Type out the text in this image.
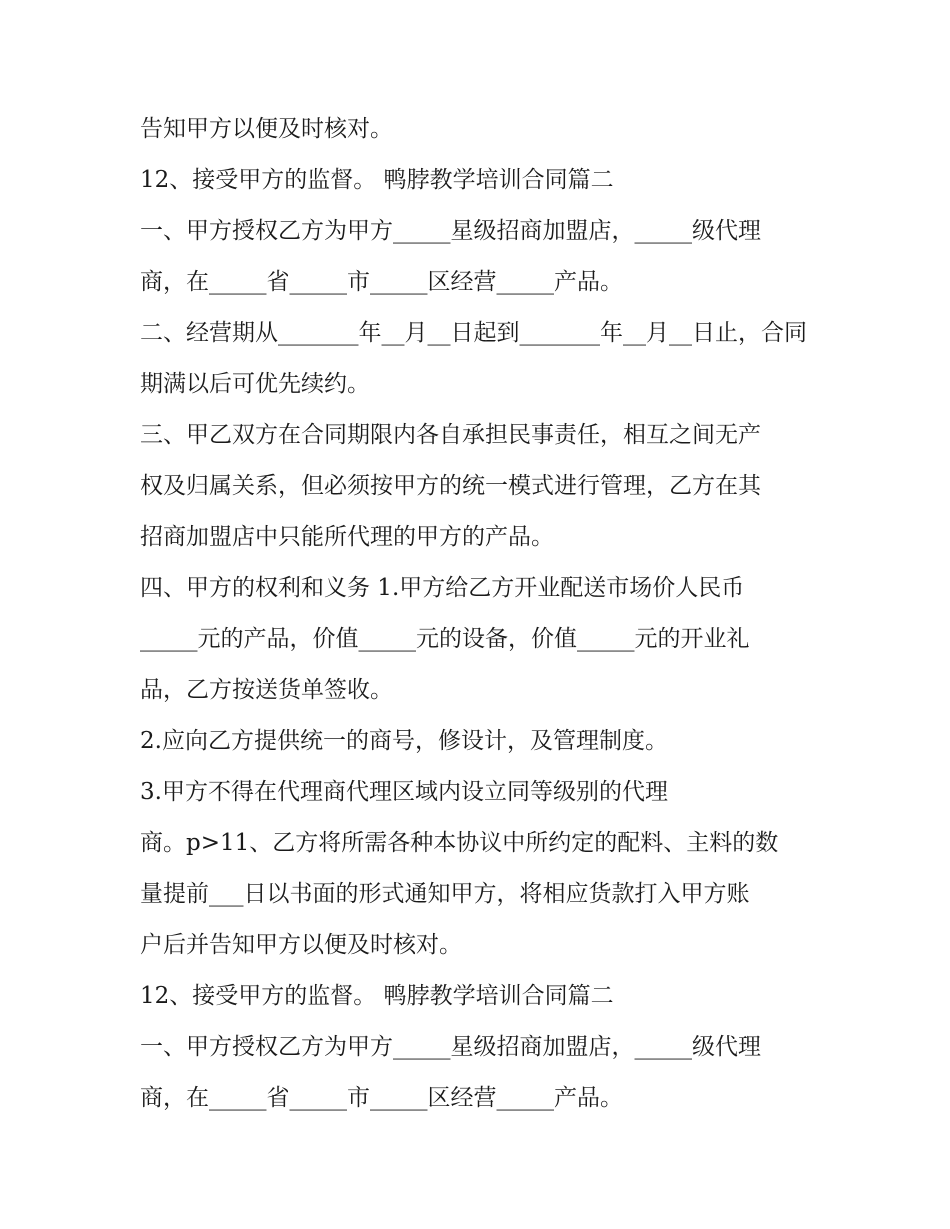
告知甲方以便及时核对。
12、接受甲方的监督。 鸭脖教学培训合同篇二
一、甲方授权乙方为甲方_____星级招商加盟店，_____级代理
商，在_____省_____市_____区经营_____产品。
二、经营期从_______年__月__日起到_______年__月__日止，合同
期满以后可优先续约。
三、甲乙双方在合同期限内各自承担民事责任，相互之间无产
权及归属关系，但必须按甲方的统一模式进行管理，乙方在其
招商加盟店中只能所代理的甲方的产品。
四、甲方的权利和义务 1.甲方给乙方开业配送市场价人民币
_____元的产品，价值_____元的设备，价值_____元的开业礼
品，乙方按送货单签收。
2.应向乙方提供统一的商号，修设计，及管理制度。
3.甲方不得在代理商代理区域内设立同等级别的代理
商。p>11、乙方将所需各种本协议中所约定的配料、主料的数
量提前___日以书面的形式通知甲方，将相应货款打入甲方账
户后并告知甲方以便及时核对。
12、接受甲方的监督。 鸭脖教学培训合同篇二
一、甲方授权乙方为甲方_____星级招商加盟店，_____级代理
商，在_____省_____市_____区经营_____产品。
